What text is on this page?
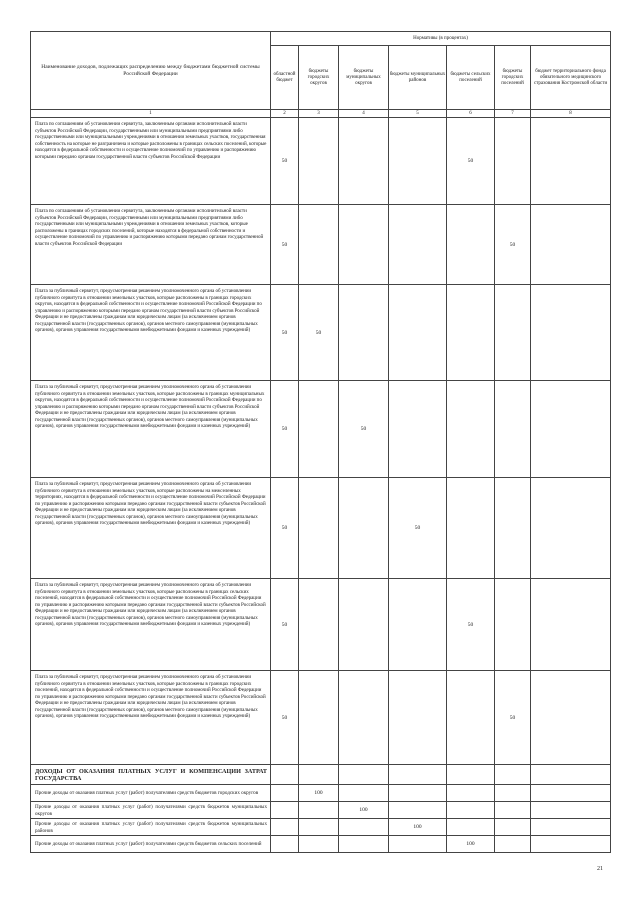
Наименование доходов, подлежащих распределению между бюджетами бюджетной системы Российской Федерации	Нормативы (в процентах)						
	областной бюджет	бюджеты городских округов	бюджеты муниципальных округов	бюджеты муниципальных районов	бюджеты сельских поселений	бюджеты городских поселений	бюджет территориального фонда обязательного медицинского страхования Костромской области
1	2	3	4	5	6	7	8
Плата по соглашениям об установлении сервитута, заключенным органами исполнительной власти субъектов Российской Федерации, государственными или муниципальными предприятиями либо государственными или муниципальными учреждениями в отношении земельных участков, государственная собственность на которые не разграничена и которые расположены в границах сельских поселений, которые находятся в федеральной собственности и осуществление полномочий по управлению и распоряжению которыми передано органам государственной власти субъектов Российской Федерации	50				50		
Плата по соглашениям об установлении сервитута, заключенным органами исполнительной власти субъектов Российской Федерации, государственными или муниципальными предприятиями либо государственными или муниципальными учреждениями в отношении земельных участков, которые расположены в границах городских поселений, которые находятся в федеральной собственности и осуществление полномочий по управлению и распоряжению которыми передано органам государственной власти субъектов Российской Федерации	50					50	
Плата за публичный сервитут, предусмотренная решением уполномоченного органа об установлении публичного сервитута в отношении земельных участков, которые расположены в границах городских округов, находятся в федеральной собственности и осуществление полномочий Российской Федерации по управлению и распоряжению которыми передано органам государственной власти субъектов Российской Федерации и не предоставлены гражданам или юридическим лицам (за исключением органов государственной власти (государственных органов), органов местного самоуправления (муниципальных органов), органов управления государственными внебюджетными фондами и казенных учреждений)	50	50					
Плата за публичный сервитут, предусмотренная решением уполномоченного органа об установлении публичного сервитута в отношении земельных участков, которые расположены в границах муниципальных округов, находятся в федеральной собственности и осуществление полномочий Российской Федерации по управлению и распоряжению которыми передано органам государственной власти субъектов Российской Федерации и не предоставлены гражданам или юридическим лицам (за исключением органов государственной власти (государственных органов), органов местного самоуправления (муниципальных органов), органов управления государственными внебюджетными фондами и казенных учреждений)	50		50				
Плата за публичный сервитут, предусмотренная решением уполномоченного органа об установлении публичного сервитута в отношении земельных участков, которые расположены на межселенных территориях, находятся в федеральной собственности и осуществление полномочий Российской Федерации по управлению и распоряжению которыми передано органам государственной власти субъектов Российской Федерации и не предоставлены гражданам или юридическим лицам (за исключением органов государственной власти (государственных органов), органов местного самоуправления (муниципальных органов), органов управления государственными внебюджетными фондами и казенных учреждений)	50			50			
Плата за публичный сервитут, предусмотренная решением уполномоченного органа об установлении публичного сервитута в отношении земельных участков, которые расположены в границах сельских поселений, находятся в федеральной собственности и осуществление полномочий Российской Федерации по управлению и распоряжению которыми передано органам государственной власти субъектов Российской Федерации и не предоставлены гражданам или юридическим лицам (за исключением органов государственной власти (государственных органов), органов местного самоуправления (муниципальных органов), органов управления государственными внебюджетными фондами и казенных учреждений)	50				50		
Плата за публичный сервитут, предусмотренная решением уполномоченного органа об установлении публичного сервитута в отношении земельных участков, которые расположены в границах городских поселений, находятся в федеральной собственности и осуществление полномочий Российской Федерации по управлению и распоряжению которыми передано органам государственной власти субъектов Российской Федерации и не предоставлены гражданам или юридическим лицам (за исключением органов государственной власти (государственных органов), органов местного самоуправления (муниципальных органов), органов управления государственными внебюджетными фондами и казенных учреждений)	50					50	
ДОХОДЫ ОТ ОКАЗАНИЯ ПЛАТНЫХ УСЛУГ И КОМПЕНСАЦИИ ЗАТРАТ ГОСУДАРСТВА							
Прочие доходы от оказания платных услуг (работ) получателями средств бюджетов городских округов		100					
Прочие доходы от оказания платных услуг (работ) получателями средств бюджетов муниципальных округов			100				
Прочие доходы от оказания платных услуг (работ) получателями средств бюджетов муниципальных районов				100			
Прочие доходы от оказания платных услуг (работ) получателями средств бюджетов сельских поселений					100		
21
